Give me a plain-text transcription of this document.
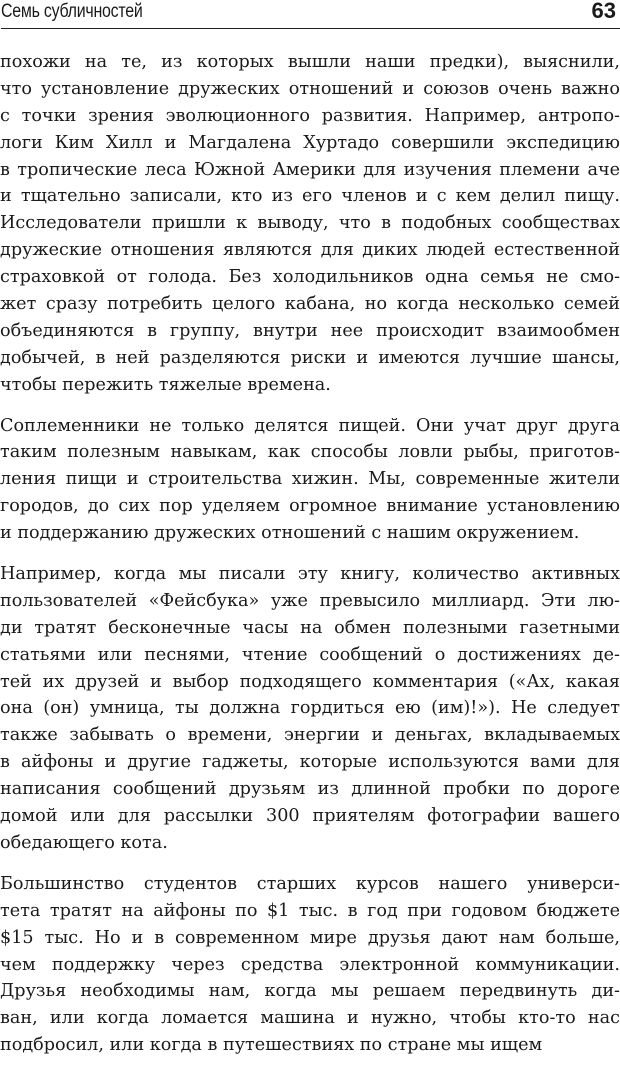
Семь субличностей	63
похожи на те, из которых вышли наши предки), выяснили,
что установление дружеских отношений и союзов очень важно
с точки зрения эволюционного развития. Например, антропо-
логи Ким Хилл и Магдалена Хуртадо совершили экспедицию
в тропические леса Южной Америки для изучения племени аче
и тщательно записали, кто из его членов и с кем делил пищу.
Исследователи пришли к выводу, что в подобных сообществах
дружеские отношения являются для диких людей естественной
страховкой от голода. Без холодильников одна семья не смо-
жет сразу потребить целого кабана, но когда несколько семей
объединяются в группу, внутри нее происходит взаимообмен
добычей, в ней разделяются риски и имеются лучшие шансы,
чтобы пережить тяжелые времена.
Соплеменники не только делятся пищей. Они учат друг друга
таким полезным навыкам, как способы ловли рыбы, приготов-
ления пищи и строительства хижин. Мы, современные жители
городов, до сих пор уделяем огромное внимание установлению
и поддержанию дружеских отношений с нашим окружением.
Например, когда мы писали эту книгу, количество активных
пользователей «Фейсбука» уже превысило миллиард. Эти лю-
ди тратят бесконечные часы на обмен полезными газетными
статьями или песнями, чтение сообщений о достижениях де-
тей их друзей и выбор подходящего комментария («Ах, какая
она (он) умница, ты должна гордиться ею (им)!»). Не следует
также забывать о времени, энергии и деньгах, вкладываемых
в айфоны и другие гаджеты, которые используются вами для
написания сообщений друзьям из длинной пробки по дороге
домой или для рассылки 300 приятелям фотографии вашего
обедающего кота.
Большинство студентов старших курсов нашего универси-
тета тратят на айфоны по $1 тыс. в год при годовом бюджете
$15 тыс. Но и в современном мире друзья дают нам больше,
чем поддержку через средства электронной коммуникации.
Друзья необходимы нам, когда мы решаем передвинуть ди-
ван, или когда ломается машина и нужно, чтобы кто-то нас
подбросил, или когда в путешествиях по стране мы ищем
